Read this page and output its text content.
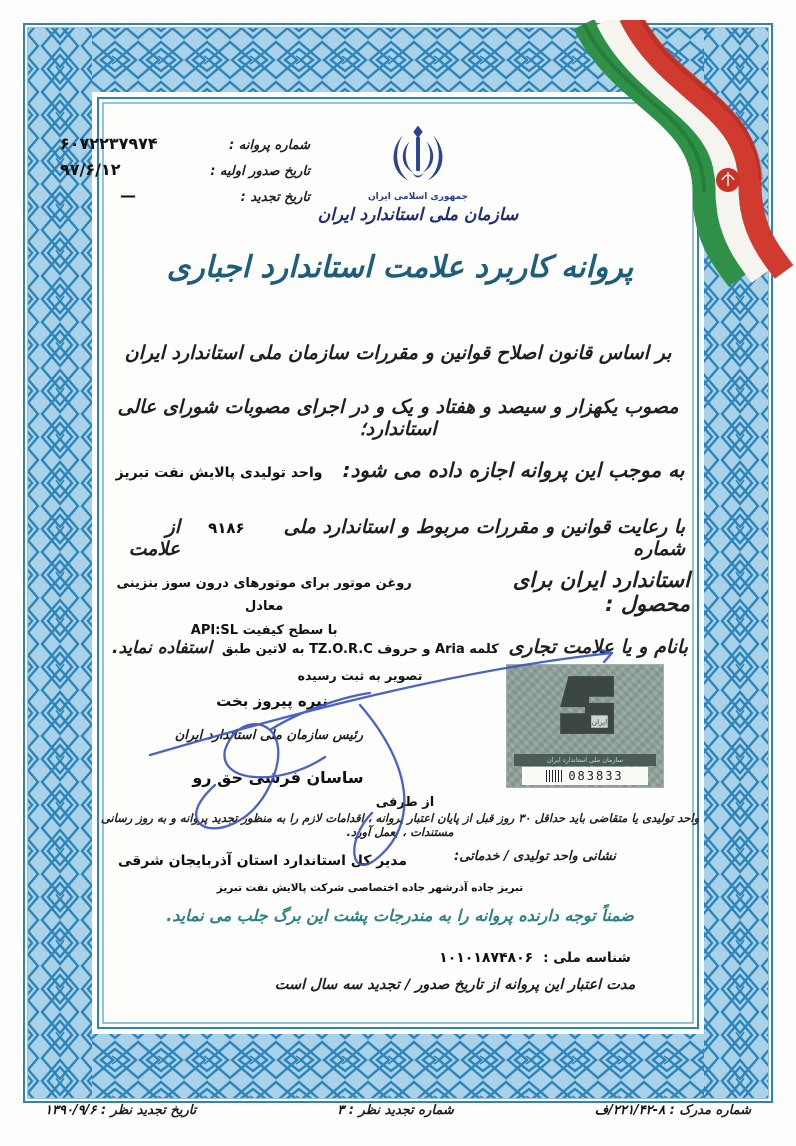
شماره پروانه :
۶۰۷۲۲۳۷۹۷۴
تاریخ صدور اولیه :
۹۷/۶/۱۲
تاریخ تجدید :
—	جمهوری اسلامی ایران
سازمان ملی استاندارد ایران
پروانه کاربرد علامت استاندارد اجباری
بر اساس قانون اصلاح قوانین و مقررات سازمان ملی استاندارد ایران
مصوب یکهزار و سیصد و هفتاد و یک و در اجرای مصوبات شورای عالی استاندارد؛
به موجب این پروانه اجازه داده می شود:
واحد تولیدی پالایش نفت تبریز
با رعایت قوانین و مقررات مربوط و استاندارد ملی شماره
۹۱۸۶
از علامت
استاندارد ایران برای محصول :
روغن موتور برای موتورهای درون سوز بنزینی معادل
با سطح کیفیت API:SL
بانام و یا علامت تجاری
کلمه Aria و حروف TZ.O.R.C به لاتین طبق
استفاده نماید.
تصویر به ثبت رسیده
نیره پیروز بخت
رئیس سازمان ملی استاندارد ایران
ساسان فرشی حق رو
ایران
سازمان ملی استاندارد ایران
083833
از طرفی
واحد تولیدی یا متقاضی باید حداقل ۳۰ روز قبل از پایان اعتبار پروانه ، اقدامات لازم را به منظور تجدید پروانه و به روز رسانی مستندات ، بعمل آورد.
نشانی واحد تولیدی / خدماتی:
مدیر کل استاندارد استان آذربایجان شرقی
تبریز جاده آذرشهر جاده اختصاصی شرکت پالایش نفت تبریز
ضمناً توجه دارنده پروانه را به مندرجات پشت این برگ جلب می نماید.
شناسه ملی :
۱۰۱۰۱۸۷۴۸۰۶
مدت اعتبار این پروانه از تاریخ صدور / تجدید سه سال است
شماره مدرک : ۸-۲۲۱/۴۲/ف
شماره تجدید نظر : ۳
تاریخ تجدید نظر : ۱۳۹۰/۹/۶
